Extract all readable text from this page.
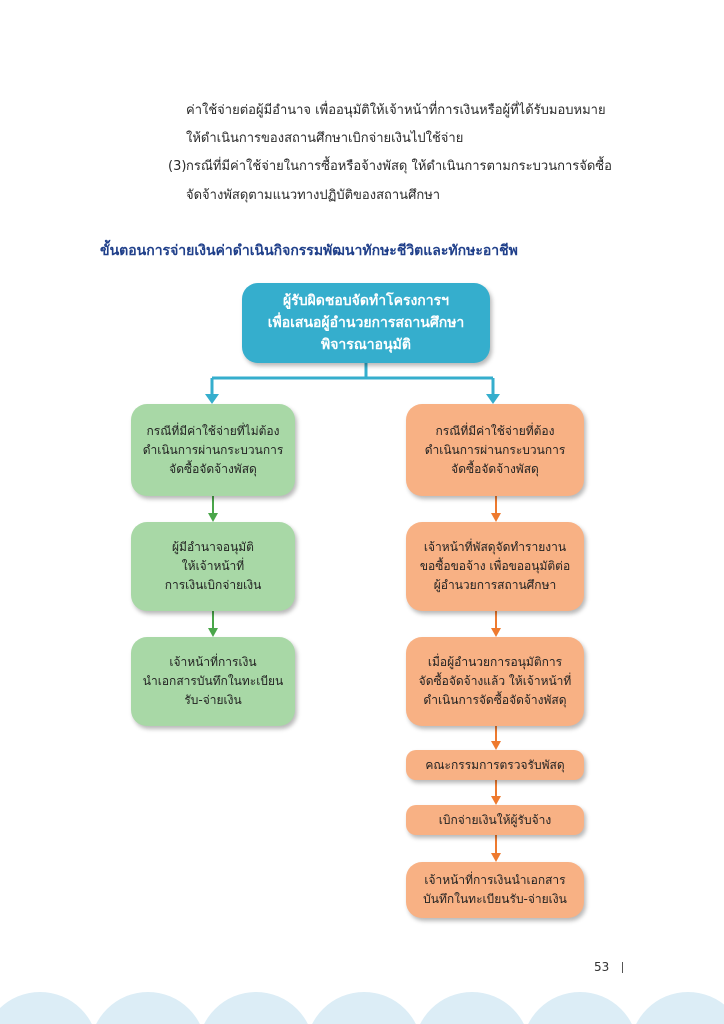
ค่าใช้จ่ายต่อผู้มีอำนาจ เพื่ออนุมัติให้เจ้าหน้าที่การเงินหรือผู้ที่ได้รับมอบหมาย
ให้ดำเนินการของสถานศึกษาเบิกจ่ายเงินไปใช้จ่าย
(3) กรณีที่มีค่าใช้จ่ายในการซื้อหรือจ้างพัสดุ ให้ดำเนินการตามกระบวนการจัดซื้อ
จัดจ้างพัสดุตามแนวทางปฏิบัติของสถานศึกษา
ขั้นตอนการจ่ายเงินค่าดำเนินกิจกรรมพัฒนาทักษะชีวิตและทักษะอาชีพ
ผู้รับผิดชอบจัดทำโครงการฯ
เพื่อเสนอผู้อำนวยการสถานศึกษา
พิจารณาอนุมัติ
กรณีที่มีค่าใช้จ่ายที่ไม่ต้อง
ดำเนินการผ่านกระบวนการ
จัดซื้อจัดจ้างพัสดุ
ผู้มีอำนาจอนุมัติ
ให้เจ้าหน้าที่
การเงินเบิกจ่ายเงิน
เจ้าหน้าที่การเงิน
นำเอกสารบันทึกในทะเบียน
รับ-จ่ายเงิน
กรณีที่มีค่าใช้จ่ายที่ต้อง
ดำเนินการผ่านกระบวนการ
จัดซื้อจัดจ้างพัสดุ
เจ้าหน้าที่พัสดุจัดทำรายงาน
ขอซื้อขอจ้าง เพื่อขออนุมัติต่อ
ผู้อำนวยการสถานศึกษา
เมื่อผู้อำนวยการอนุมัติการ
จัดซื้อจัดจ้างแล้ว ให้เจ้าหน้าที่
ดำเนินการจัดซื้อจัดจ้างพัสดุ
คณะกรรมการตรวจรับพัสดุ
เบิกจ่ายเงินให้ผู้รับจ้าง
เจ้าหน้าที่การเงินนำเอกสาร
บันทึกในทะเบียนรับ-จ่ายเงิน
53
